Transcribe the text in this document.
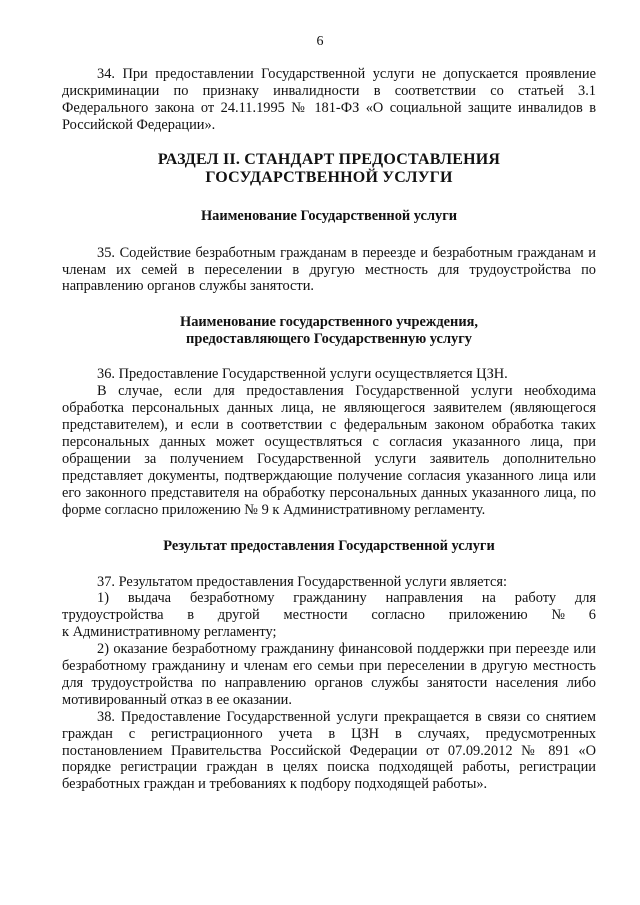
6

34. При предоставлении Государственной услуги не допускается проявление дискриминации по признаку инвалидности в соответствии со статьей 3.1 Федерального закона от 24.11.1995 № 181-ФЗ «О социальной защите инвалидов в Российской Федерации».

РАЗДЕЛ II. СТАНДАРТ ПРЕДОСТАВЛЕНИЯ

ГОСУДАРСТВЕННОЙ УСЛУГИ

Наименование Государственной услуги

35. Содействие безработным гражданам в переезде и безработным гражданам и членам их семей в переселении в другую местность для трудоустройства по направлению органов службы занятости.

Наименование государственного учреждения,

предоставляющего Государственную услугу

36. Предоставление Государственной услуги осуществляется ЦЗН.

В случае, если для предоставления Государственной услуги необходима обработка персональных данных лица, не являющегося заявителем (являющегося представителем), и если в соответствии с федеральным законом обработка таких персональных данных может осуществляться с согласия указанного лица, при обращении за получением Государственной услуги заявитель дополнительно представляет документы, подтверждающие получение согласия указанного лица или его законного представителя на обработку персональных данных указанного лица, по форме согласно приложению № 9 к Административному регламенту.

Результат предоставления Государственной услуги

37. Результатом предоставления Государственной услуги является:

1) выдача безработному гражданину направления на работу для

трудоустройства в другой местности согласно приложению № 6

к Административному регламенту;

2) оказание безработному гражданину финансовой поддержки при переезде или безработному гражданину и членам его семьи при переселении в другую местность для трудоустройства по направлению органов службы занятости населения либо мотивированный отказ в ее оказании.

38. Предоставление Государственной услуги прекращается в связи со снятием граждан с регистрационного учета в ЦЗН в случаях, предусмотренных постановлением Правительства Российской Федерации от 07.09.2012 № 891 «О порядке регистрации граждан в целях поиска подходящей работы, регистрации безработных граждан и требованиях к подбору подходящей работы».
